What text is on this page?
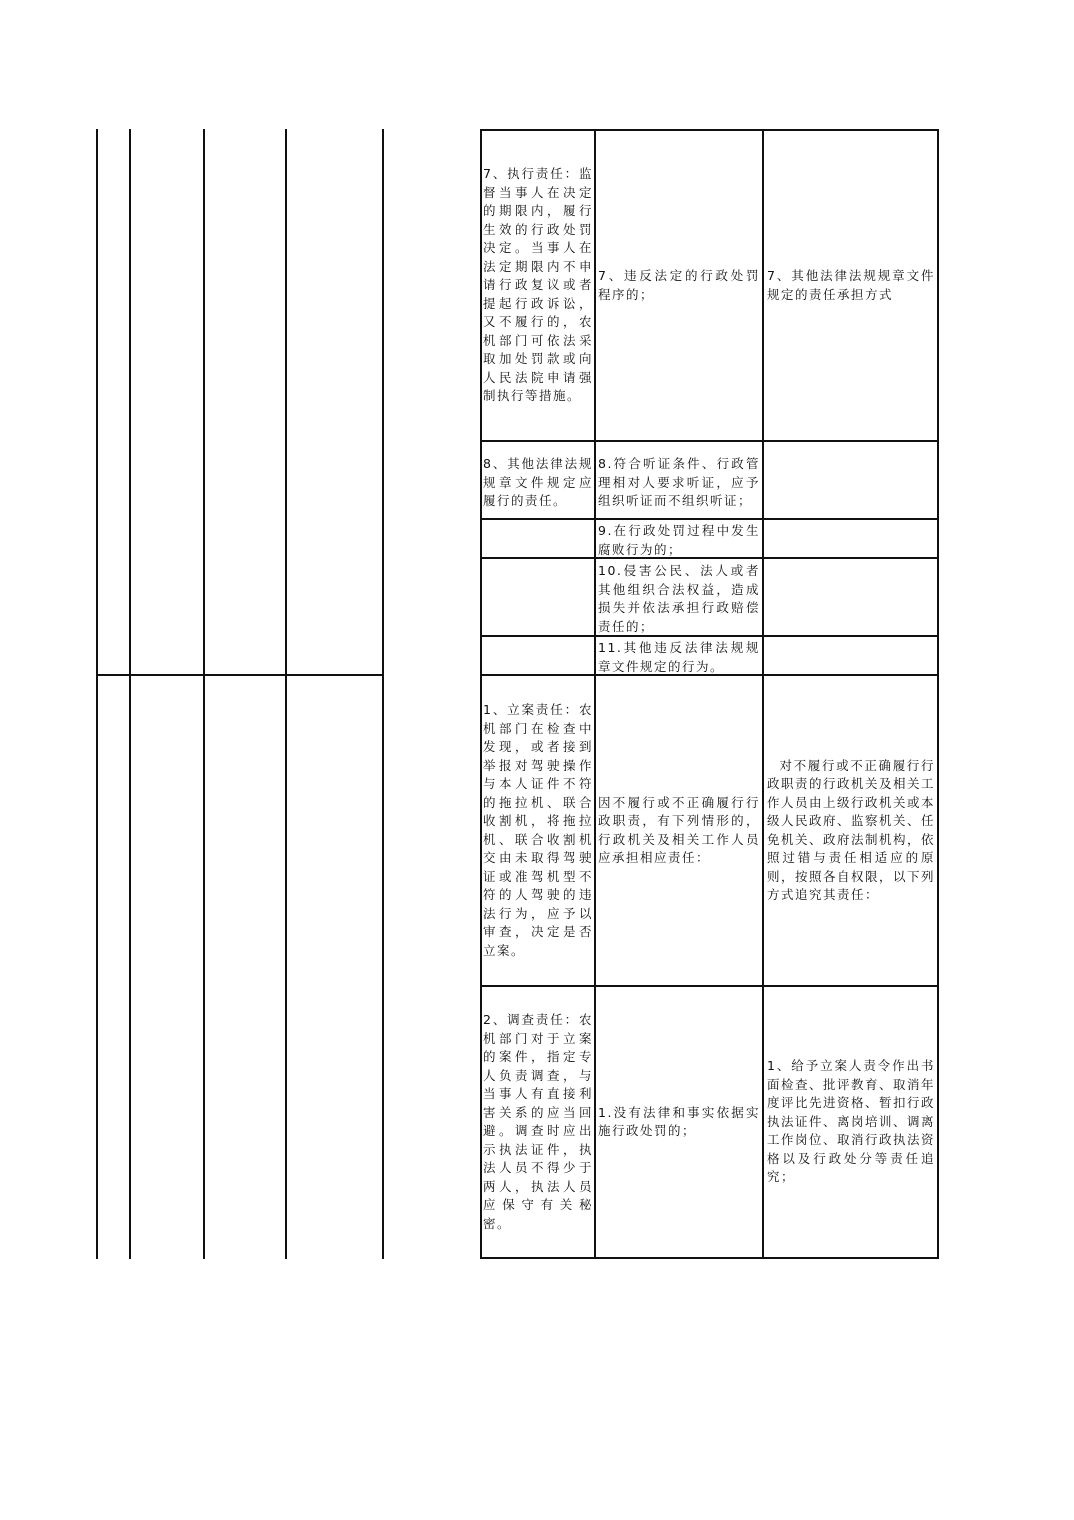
7、执行责任：监督当事人在决定的期限内，履行生效的行政处罚决定。当事人在法定期限内不申请行政复议或者提起行政诉讼，又不履行的，农机部门可依法采取加处罚款或向人民法院申请强制执行等措施。
7、违反法定的行政处罚程序的；
7、其他法律法规规章文件规定的责任承担方式
8、其他法律法规规章文件规定应履行的责任。
8.符合听证条件、行政管理相对人要求听证，应予组织听证而不组织听证；
9.在行政处罚过程中发生腐败行为的；
10.侵害公民、法人或者其他组织合法权益，造成损失并依法承担行政赔偿责任的；
11.其他违反法律法规规章文件规定的行为。
1、立案责任：农机部门在检查中发现，或者接到举报对驾驶操作与本人证件不符的拖拉机、联合收割机，将拖拉机、联合收割机交由未取得驾驶证或准驾机型不符的人驾驶的违法行为，应予以审查，决定是否立案。
因不履行或不正确履行行政职责，有下列情形的，行政机关及相关工作人员应承担相应责任：
对不履行或不正确履行行政职责的行政机关及相关工作人员由上级行政机关或本级人民政府、监察机关、任免机关、政府法制机构，依照过错与责任相适应的原则，按照各自权限，以下列方式追究其责任：
2、调查责任：农机部门对于立案的案件，指定专人负责调查，与当事人有直接利害关系的应当回避。调查时应出示执法证件，执法人员不得少于两人，执法人员应保守有关秘密。
1.没有法律和事实依据实施行政处罚的；
1、给予立案人责令作出书面检查、批评教育、取消年度评比先进资格、暂扣行政执法证件、离岗培训、调离工作岗位、取消行政执法资格以及行政处分等责任追究；
